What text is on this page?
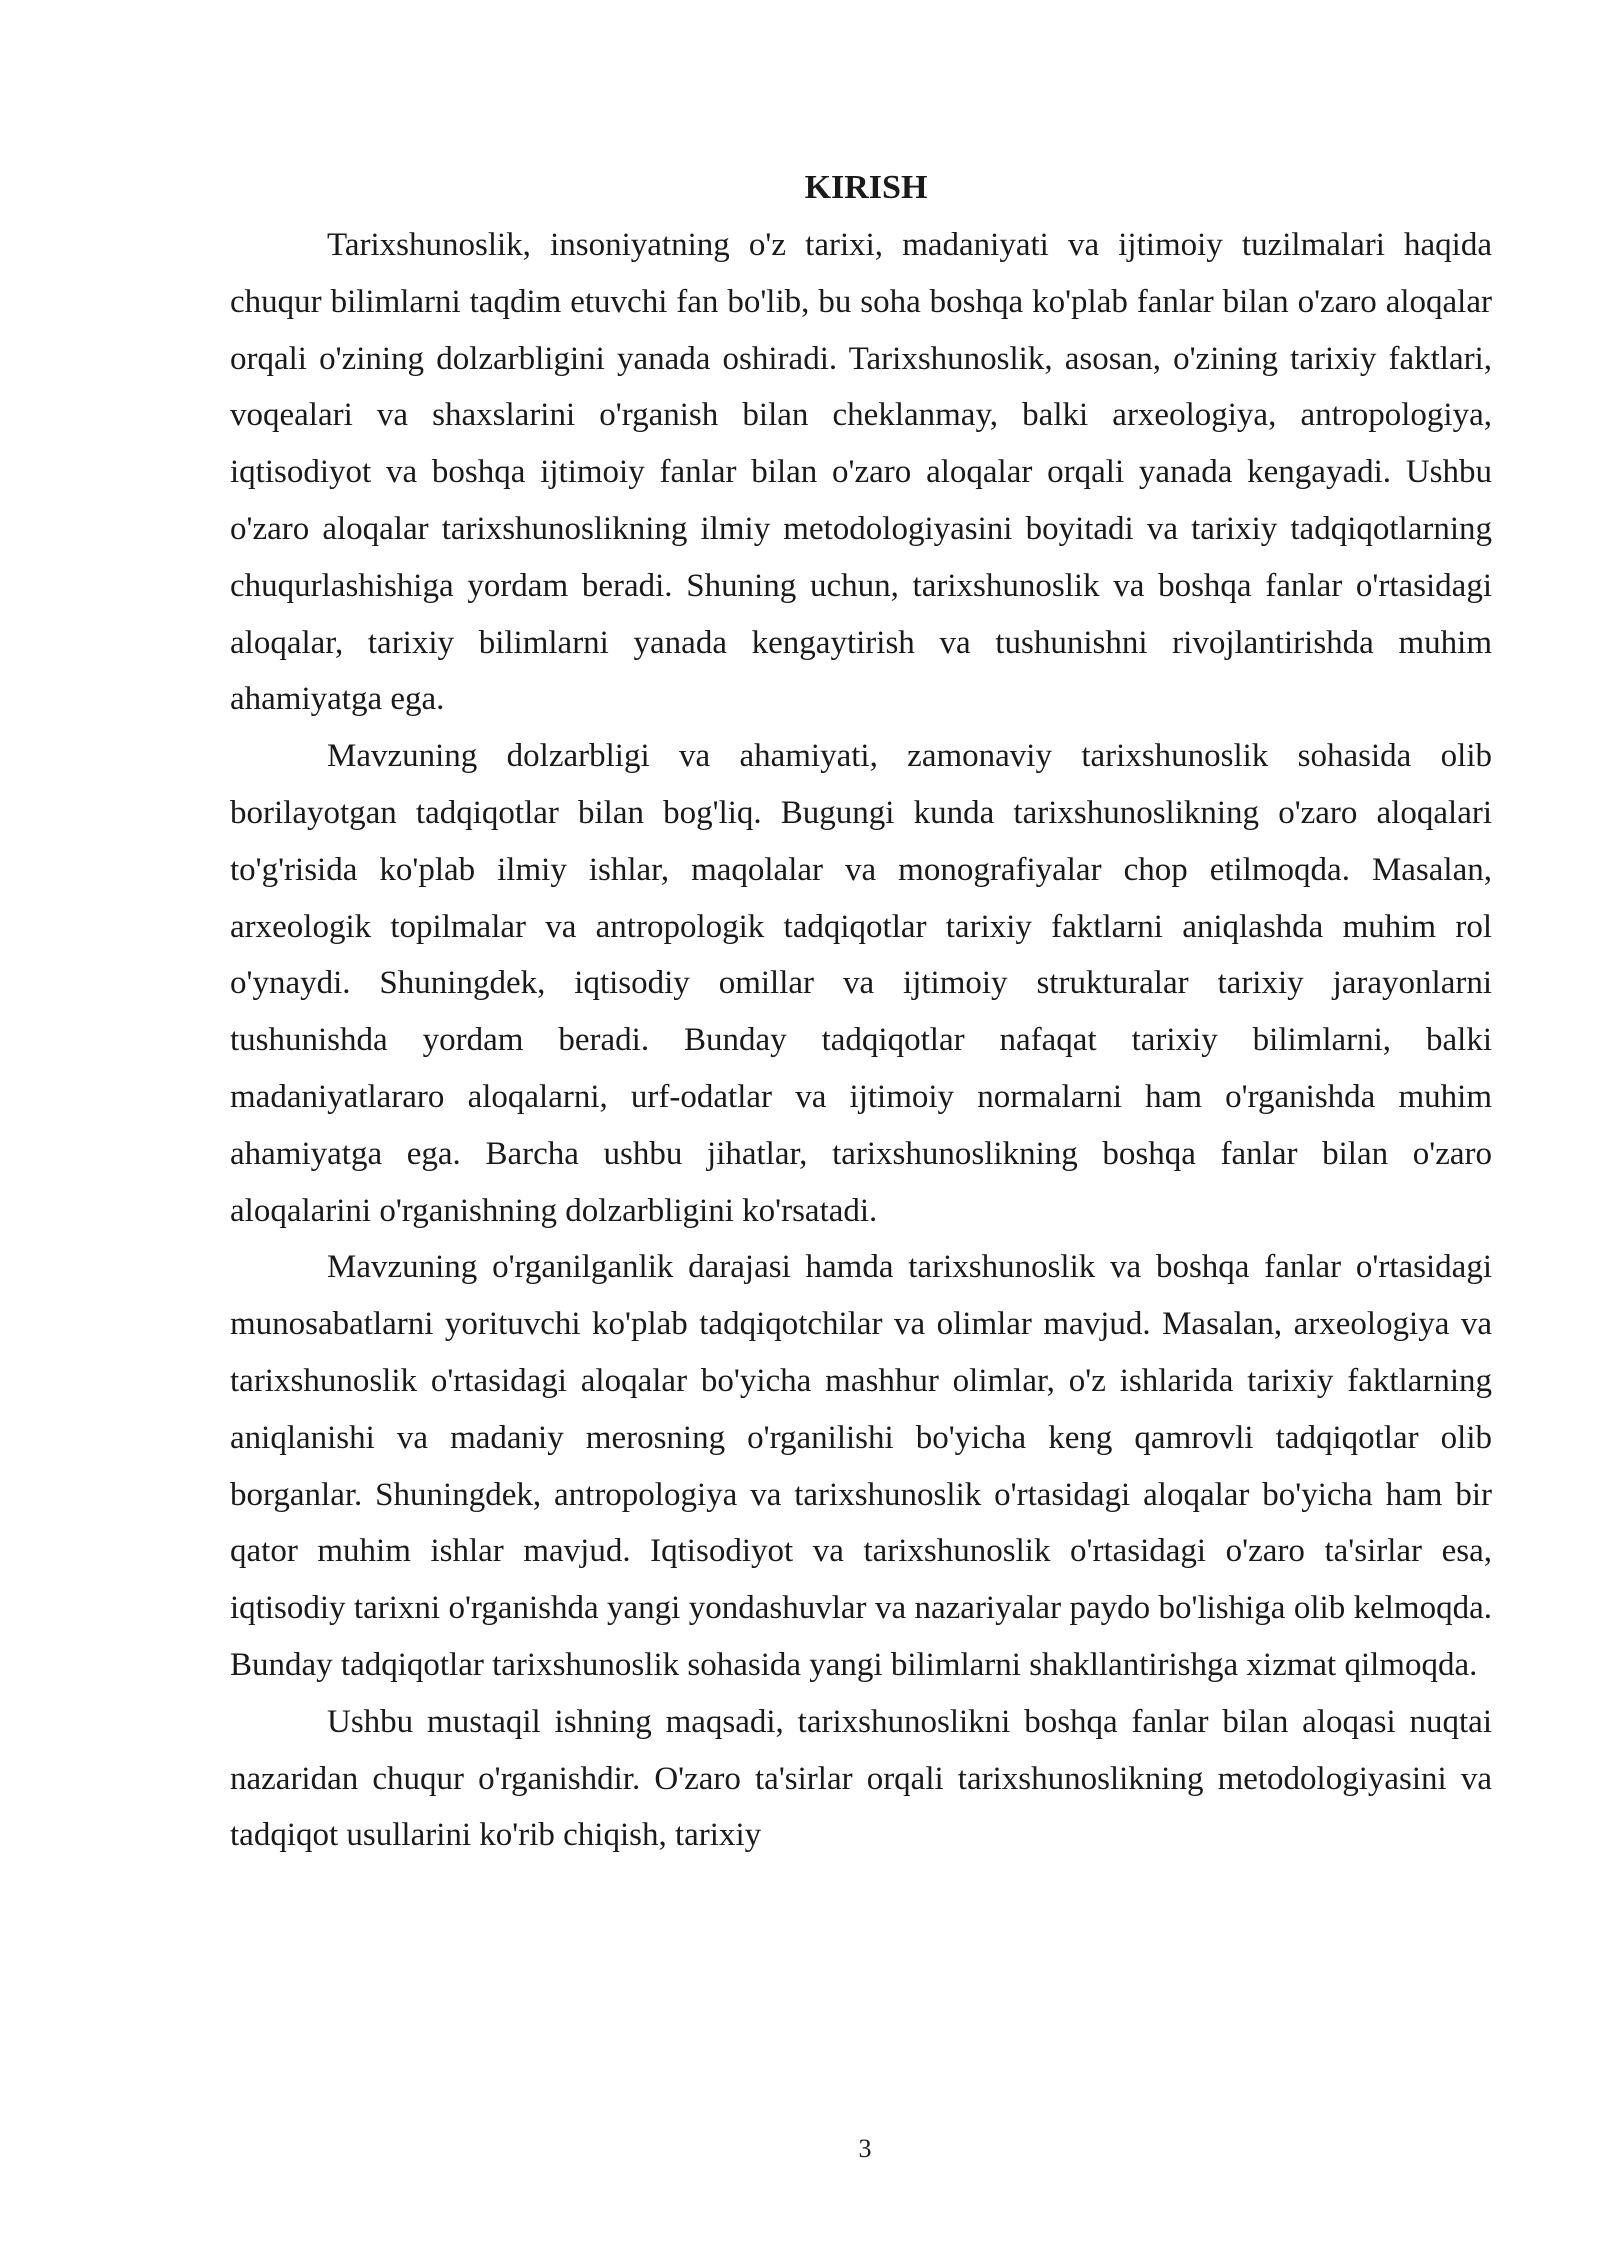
KIRISH

Tarixshunoslik, insoniyatning o'z tarixi, madaniyati va ijtimoiy tuzilmalari haqida chuqur bilimlarni taqdim etuvchi fan bo'lib, bu soha boshqa ko'plab fanlar bilan o'zaro aloqalar orqali o'zining dolzarbligini yanada oshiradi. Tarixshunoslik, asosan, o'zining tarixiy faktlari, voqealari va shaxslarini o'rganish bilan cheklanmay, balki arxeologiya, antropologiya, iqtisodiyot va boshqa ijtimoiy fanlar bilan o'zaro aloqalar orqali yanada kengayadi. Ushbu o'zaro aloqalar tarixshunoslikning ilmiy metodologiyasini boyitadi va tarixiy tadqiqotlarning chuqurlashishiga yordam beradi. Shuning uchun, tarixshunoslik va boshqa fanlar o'rtasidagi aloqalar, tarixiy bilimlarni yanada kengaytirish va tushunishni rivojlantirishda muhim ahamiyatga ega.

Mavzuning dolzarbligi va ahamiyati, zamonaviy tarixshunoslik sohasida olib borilayotgan tadqiqotlar bilan bog'liq. Bugungi kunda tarixshunoslikning o'zaro aloqalari to'g'risida ko'plab ilmiy ishlar, maqolalar va monografiyalar chop etilmoqda. Masalan, arxeologik topilmalar va antropologik tadqiqotlar tarixiy faktlarni aniqlashda muhim rol o'ynaydi. Shuningdek, iqtisodiy omillar va ijtimoiy strukturalar tarixiy jarayonlarni tushunishda yordam beradi. Bunday tadqiqotlar nafaqat tarixiy bilimlarni, balki madaniyatlararo aloqalarni, urf-odatlar va ijtimoiy normalarni ham o'rganishda muhim ahamiyatga ega. Barcha ushbu jihatlar, tarixshunoslikning boshqa fanlar bilan o'zaro aloqalarini o'rganishning dolzarbligini ko'rsatadi.

Mavzuning o'rganilganlik darajasi hamda tarixshunoslik va boshqa fanlar o'rtasidagi munosabatlarni yorituvchi ko'plab tadqiqotchilar va olimlar mavjud. Masalan, arxeologiya va tarixshunoslik o'rtasidagi aloqalar bo'yicha mashhur olimlar, o'z ishlarida tarixiy faktlarning aniqlanishi va madaniy merosning o'rganilishi bo'yicha keng qamrovli tadqiqotlar olib borganlar. Shuningdek, antropologiya va tarixshunoslik o'rtasidagi aloqalar bo'yicha ham bir qator muhim ishlar mavjud. Iqtisodiyot va tarixshunoslik o'rtasidagi o'zaro ta'sirlar esa, iqtisodiy tarixni o'rganishda yangi yondashuvlar va nazariyalar paydo bo'lishiga olib kelmoqda. Bunday tadqiqotlar tarixshunoslik sohasida yangi bilimlarni shakllantirishga xizmat qilmoqda.

Ushbu mustaqil ishning maqsadi, tarixshunoslikni boshqa fanlar bilan aloqasi nuqtai nazaridan chuqur o'rganishdir. O'zaro ta'sirlar orqali tarixshunoslikning metodologiyasini va tadqiqot usullarini ko'rib chiqish, tarixiy

3
